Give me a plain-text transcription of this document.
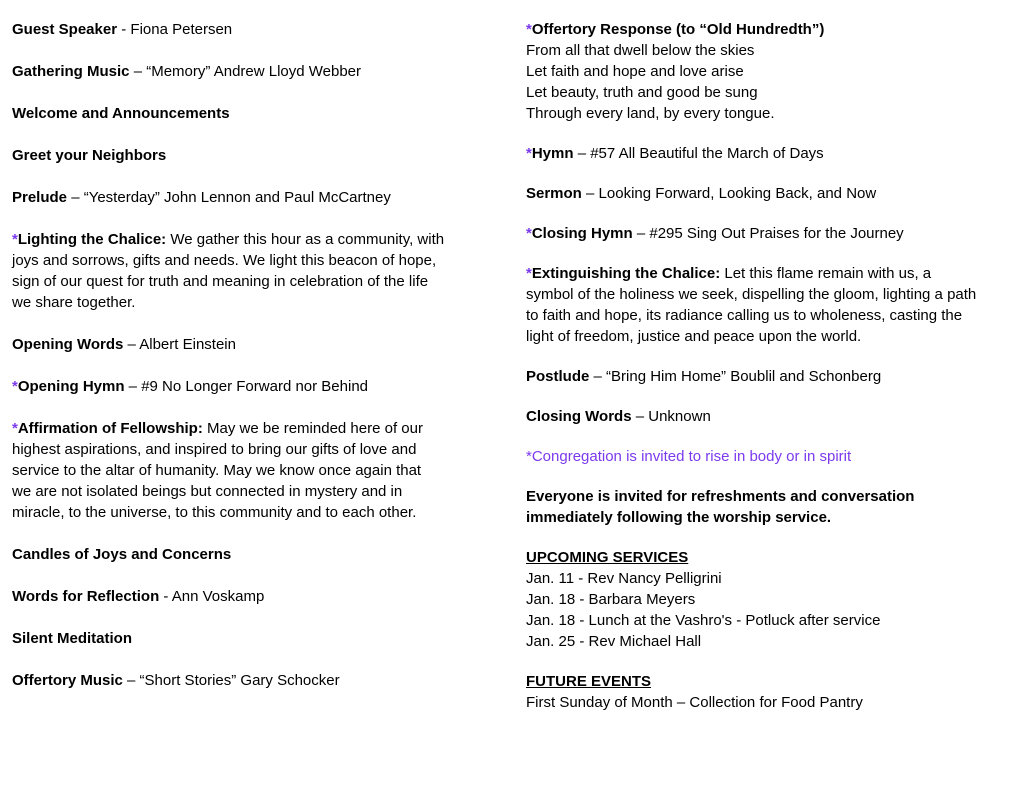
Guest Speaker - Fiona Petersen
Gathering Music – “Memory” Andrew Lloyd Webber
Welcome and Announcements
Greet your Neighbors
Prelude – “Yesterday” John Lennon and Paul McCartney
*Lighting the Chalice: We gather this hour as a community, with
joys and sorrows, gifts and needs. We light this beacon of hope,
sign of our quest for truth and meaning in celebration of the life
we share together.
Opening Words – Albert Einstein
*Opening Hymn – #9 No Longer Forward nor Behind
*Affirmation of Fellowship: May we be reminded here of our
highest aspirations, and inspired to bring our gifts of love and
service to the altar of humanity. May we know once again that
we are not isolated beings but connected in mystery and in
miracle, to the universe, to this community and to each other.
Candles of Joys and Concerns
Words for Reflection - Ann Voskamp
Silent Meditation
Offertory Music – “Short Stories” Gary Schocker
*Offertory Response (to “Old Hundredth”)
From all that dwell below the skies
Let faith and hope and love arise
Let beauty, truth and good be sung
Through every land, by every tongue.
*Hymn – #57 All Beautiful the March of Days
Sermon – Looking Forward, Looking Back, and Now
*Closing Hymn – #295 Sing Out Praises for the Journey
*Extinguishing the Chalice: Let this flame remain with us, a
symbol of the holiness we seek, dispelling the gloom, lighting a path
to faith and hope, its radiance calling us to wholeness, casting the
light of freedom, justice and peace upon the world.
Postlude – “Bring Him Home” Boublil and Schonberg
Closing Words – Unknown
*Congregation is invited to rise in body or in spirit
Everyone is invited for refreshments and conversation
immediately following the worship service.
UPCOMING SERVICES
Jan. 11 - Rev Nancy Pelligrini
Jan. 18 - Barbara Meyers
Jan. 18 - Lunch at the Vashro's - Potluck after service
Jan. 25 - Rev Michael Hall
FUTURE EVENTS
First Sunday of Month – Collection for Food Pantry
